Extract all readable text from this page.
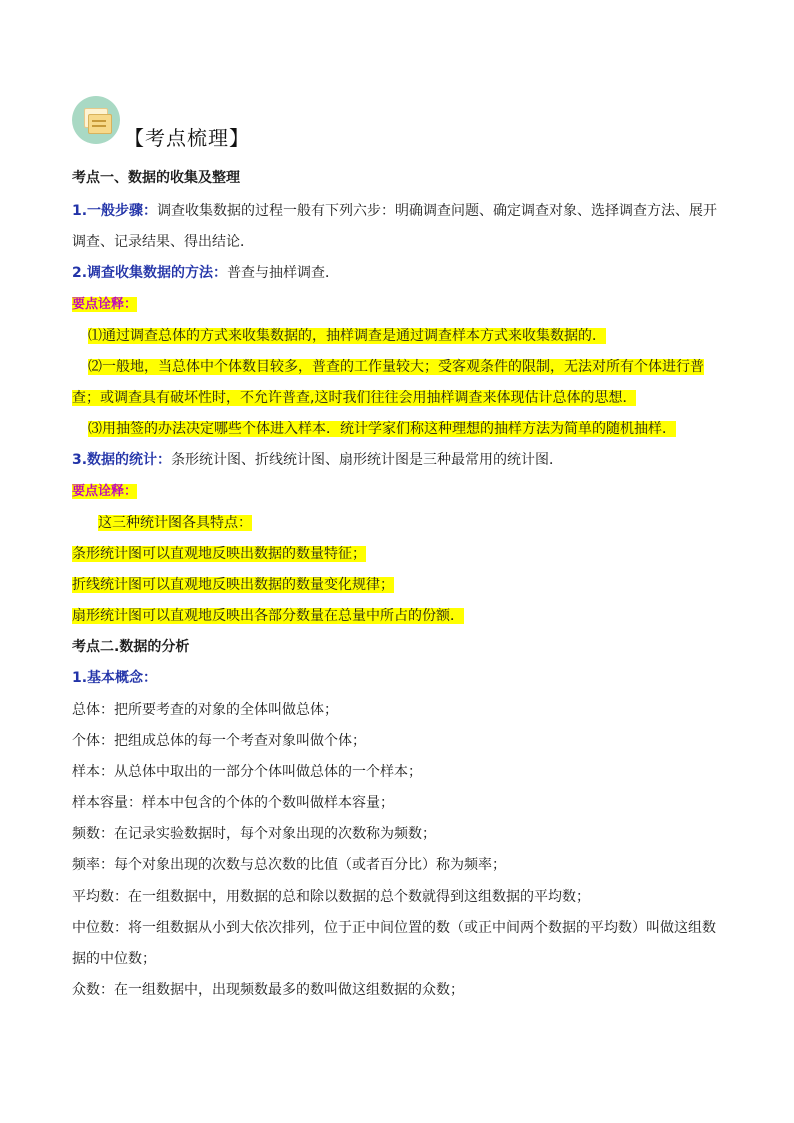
【考点梳理】
考点一、数据的收集及整理
1.一般步骤：调查收集数据的过程一般有下列六步：明确调查问题、确定调查对象、选择调查方法、展开
调查、记录结果、得出结论．
2.调查收集数据的方法：普查与抽样调查．
要点诠释：
⑴通过调查总体的方式来收集数据的，抽样调查是通过调查样本方式来收集数据的．
⑵一般地，当总体中个体数目较多，普查的工作量较大；受客观条件的限制，无法对所有个体进行普
查；或调查具有破坏性时，不允许普查,这时我们往往会用抽样调查来体现估计总体的思想．
⑶用抽签的办法决定哪些个体进入样本．统计学家们称这种理想的抽样方法为简单的随机抽样．
3.数据的统计：条形统计图、折线统计图、扇形统计图是三种最常用的统计图．
要点诠释：
这三种统计图各具特点：
条形统计图可以直观地反映出数据的数量特征；
折线统计图可以直观地反映出数据的数量变化规律；
扇形统计图可以直观地反映出各部分数量在总量中所占的份额．
考点二.数据的分析
1.基本概念：
总体：把所要考查的对象的全体叫做总体；
个体：把组成总体的每一个考查对象叫做个体；
样本：从总体中取出的一部分个体叫做总体的一个样本；
样本容量：样本中包含的个体的个数叫做样本容量；
频数：在记录实验数据时，每个对象出现的次数称为频数；
频率：每个对象出现的次数与总次数的比值（或者百分比）称为频率；
平均数：在一组数据中，用数据的总和除以数据的总个数就得到这组数据的平均数；
中位数：将一组数据从小到大依次排列，位于正中间位置的数（或正中间两个数据的平均数）叫做这组数
据的中位数；
众数：在一组数据中，出现频数最多的数叫做这组数据的众数；
